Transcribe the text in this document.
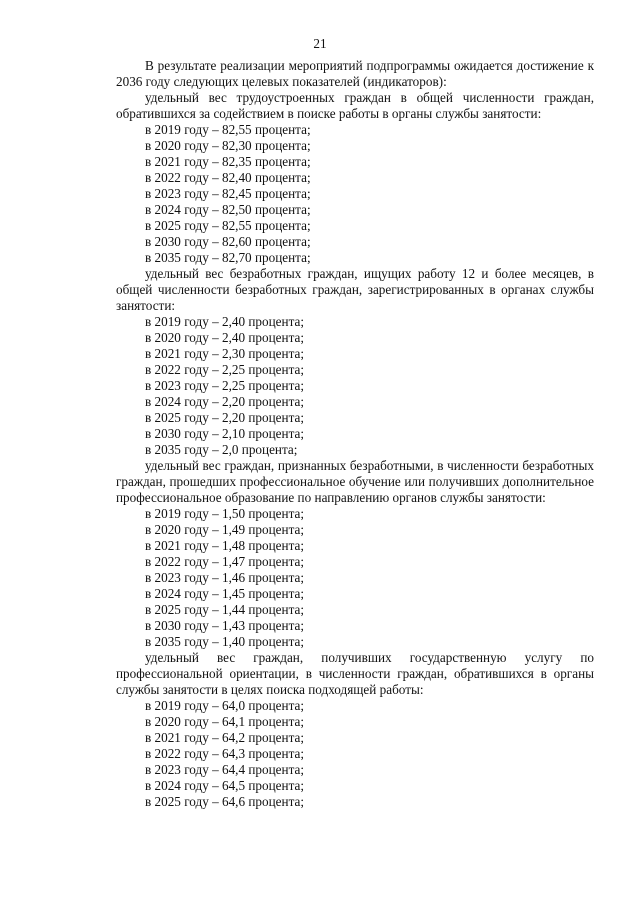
21

В результате реализации мероприятий подпрограммы ожидается достижение к 2036 году следующих целевых показателей (индикаторов):

удельный вес трудоустроенных граждан в общей численности граждан, обратившихся за содействием в поиске работы в органы службы занятости:

в 2019 году – 82,55 процента;

в 2020 году – 82,30 процента;

в 2021 году – 82,35 процента;

в 2022 году – 82,40 процента;

в 2023 году – 82,45 процента;

в 2024 году – 82,50 процента;

в 2025 году – 82,55 процента;

в 2030 году – 82,60 процента;

в 2035 году – 82,70 процента;

удельный вес безработных граждан, ищущих работу 12 и более месяцев, в общей численности безработных граждан, зарегистрированных в органах службы занятости:

в 2019 году – 2,40 процента;

в 2020 году – 2,40 процента;

в 2021 году – 2,30 процента;

в 2022 году – 2,25 процента;

в 2023 году – 2,25 процента;

в 2024 году – 2,20 процента;

в 2025 году – 2,20 процента;

в 2030 году – 2,10 процента;

в 2035 году – 2,0 процента;

удельный вес граждан, признанных безработными, в численности безработных граждан, прошедших профессиональное обучение или получивших дополнительное профессиональное образование по направлению органов службы занятости:

в 2019 году – 1,50 процента;

в 2020 году – 1,49 процента;

в 2021 году – 1,48 процента;

в 2022 году – 1,47 процента;

в 2023 году – 1,46 процента;

в 2024 году – 1,45 процента;

в 2025 году – 1,44 процента;

в 2030 году – 1,43 процента;

в 2035 году – 1,40 процента;

удельный вес граждан, получивших государственную услугу по профессиональной ориентации, в численности граждан, обратившихся в органы службы занятости в целях поиска подходящей работы:

в 2019 году – 64,0 процента;

в 2020 году – 64,1 процента;

в 2021 году – 64,2 процента;

в 2022 году – 64,3 процента;

в 2023 году – 64,4 процента;

в 2024 году – 64,5 процента;

в 2025 году – 64,6 процента;
